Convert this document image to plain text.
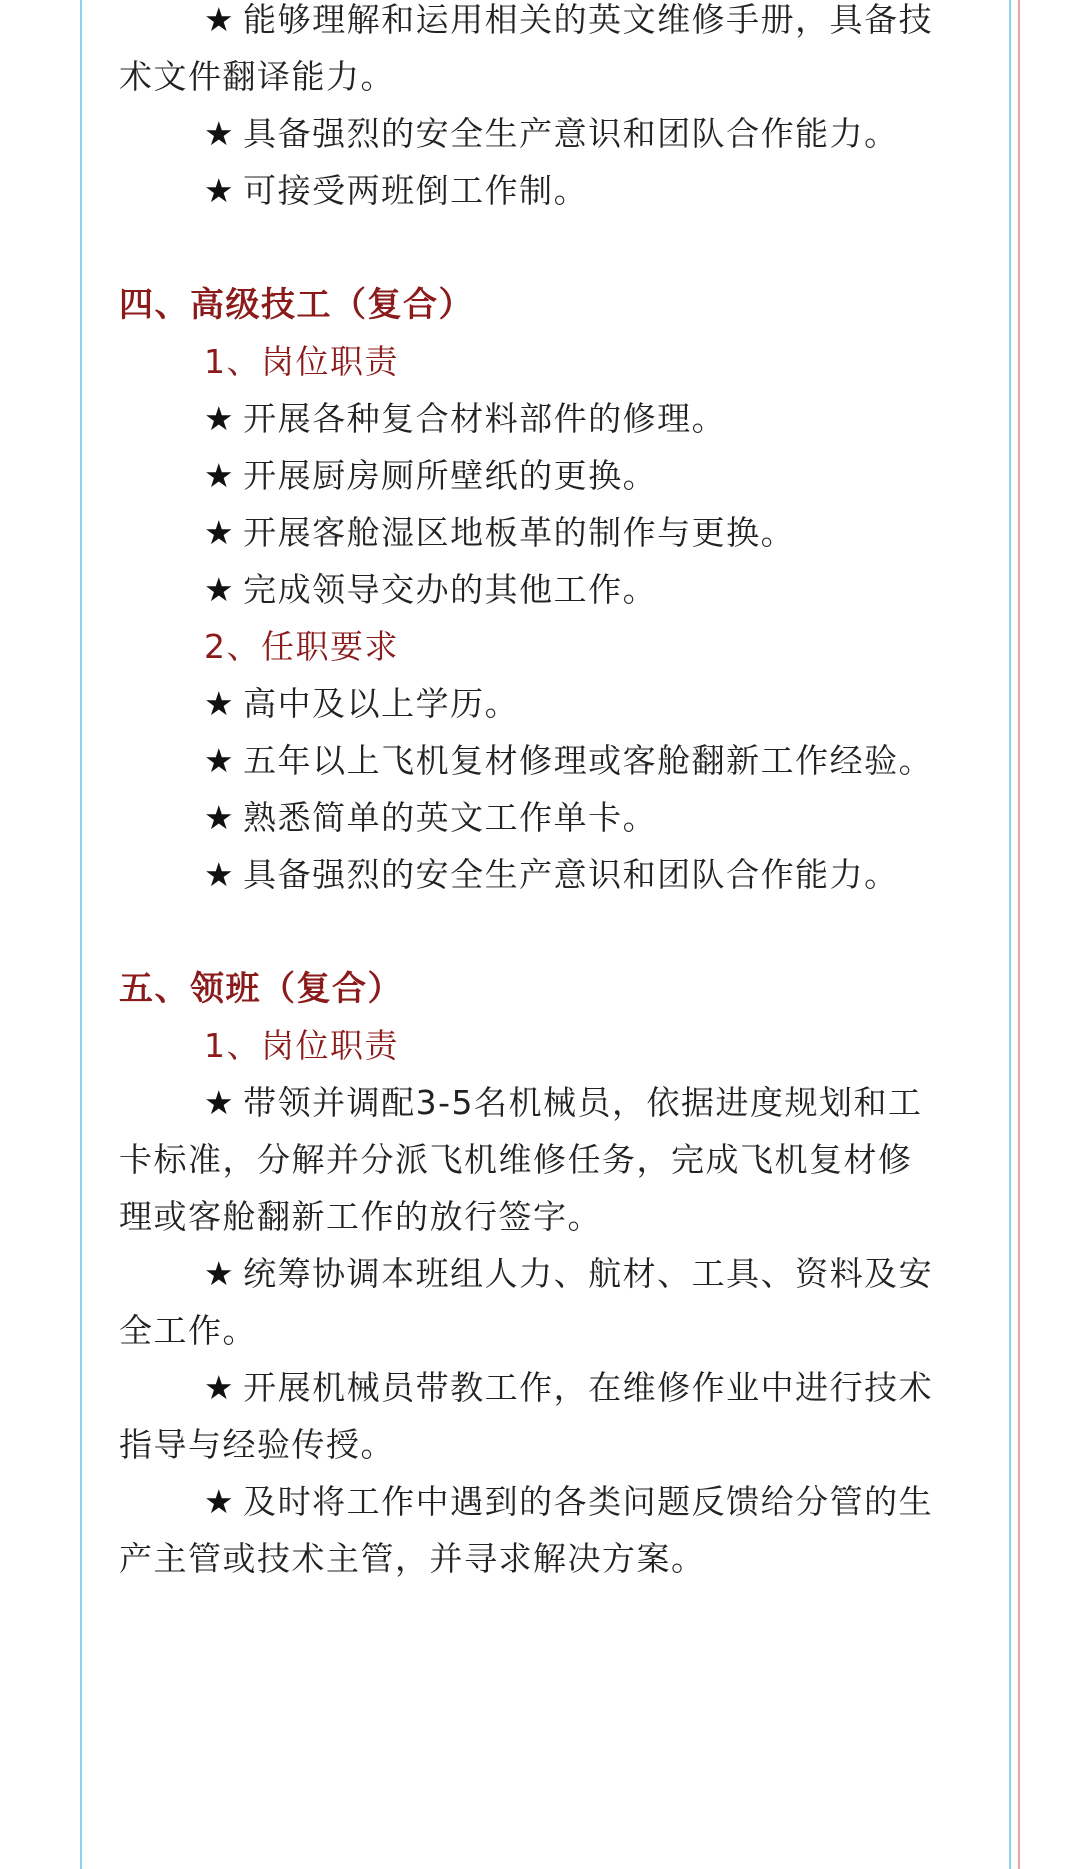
★ 能够理解和运用相关的英文维修手册，具备技
术文件翻译能力。
★ 具备强烈的安全生产意识和团队合作能力。
★ 可接受两班倒工作制。
四、高级技工（复合）
1、岗位职责
★ 开展各种复合材料部件的修理。
★ 开展厨房厕所壁纸的更换。
★ 开展客舱湿区地板革的制作与更换。
★ 完成领导交办的其他工作。
2、任职要求
★ 高中及以上学历。
★ 五年以上飞机复材修理或客舱翻新工作经验。
★ 熟悉简单的英文工作单卡。
★ 具备强烈的安全生产意识和团队合作能力。
五、领班（复合）
1、岗位职责
★ 带领并调配3-5名机械员，依据进度规划和工
卡标准，分解并分派飞机维修任务，完成飞机复材修
理或客舱翻新工作的放行签字。
★ 统筹协调本班组人力、航材、工具、资料及安
全工作。
★ 开展机械员带教工作，在维修作业中进行技术
指导与经验传授。
★ 及时将工作中遇到的各类问题反馈给分管的生
产主管或技术主管，并寻求解决方案。
